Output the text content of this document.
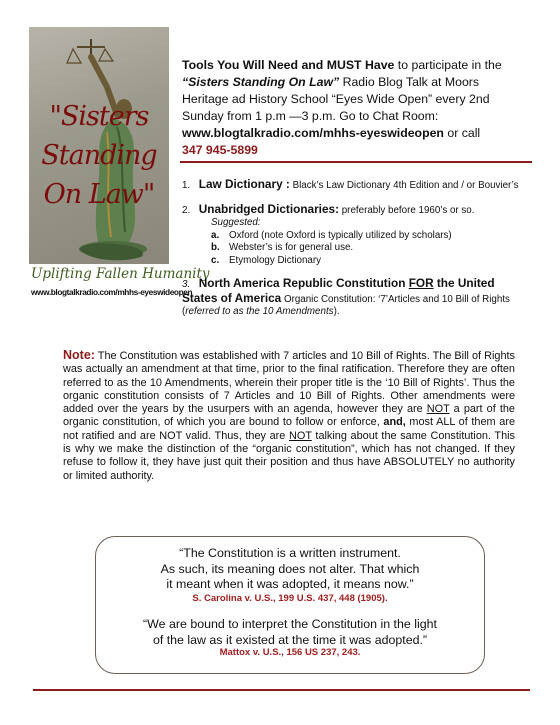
"Sisters
Standing
On Law"
Uplifting Fallen Humanity
www.blogtalkradio.com/mhhs-eyeswideopen
Tools You Will Need and MUST Have to participate in the “Sisters Standing On Law” Radio Blog Talk at Moors Heritage ad History School “Eyes Wide Open” every 2nd Sunday from 1 p.m —3 p.m. Go to Chat Room:
www.blogtalkradio.com/mhhs-eyeswideopen or call
347 945-5899
1. Law Dictionary : Black’s Law Dictionary 4th Edition and / or Bouvier’s
2. Unabridged Dictionaries: preferably before 1960’s or so.
Suggested:
a.	Oxford (note Oxford is typically utilized by scholars)
b. Webster’s is for general use.
c.	Etymology Dictionary
3. North America Republic Constitution FOR the United States of America Organic Constitution: ‘7’Articles and 10 Bill of Rights (referred to as the 10 Amendments).
Note: The Constitution was established with 7 articles and 10 Bill of Rights. The Bill of Rights was actually an amendment at that time, prior to the final ratification. Therefore they are often referred to as the 10 Amendments, wherein their proper title is the ‘10 Bill of Rights’. Thus the organic constitution consists of 7 Articles and 10 Bill of Rights. Other amendments were added over the years by the usurpers with an agenda, however they are NOT a part of the organic constitution, of which you are bound to follow or enforce, and, most ALL of them are not ratified and are NOT valid. Thus, they are NOT talking about the same Constitution. This is why we make the distinction of the “organic constitution”, which has not changed. If they refuse to follow it, they have just quit their position and thus have ABSOLUTELY no authority or limited authority.
“The Constitution is a written instrument.
As such, its meaning does not alter. That which
it meant when it was adopted, it means now.”
S. Carolina v. U.S., 199 U.S. 437, 448 (1905).
“We are bound to interpret the Constitution in the light
of the law as it existed at the time it was adopted.”
Mattox v. U.S., 156 US 237, 243.
